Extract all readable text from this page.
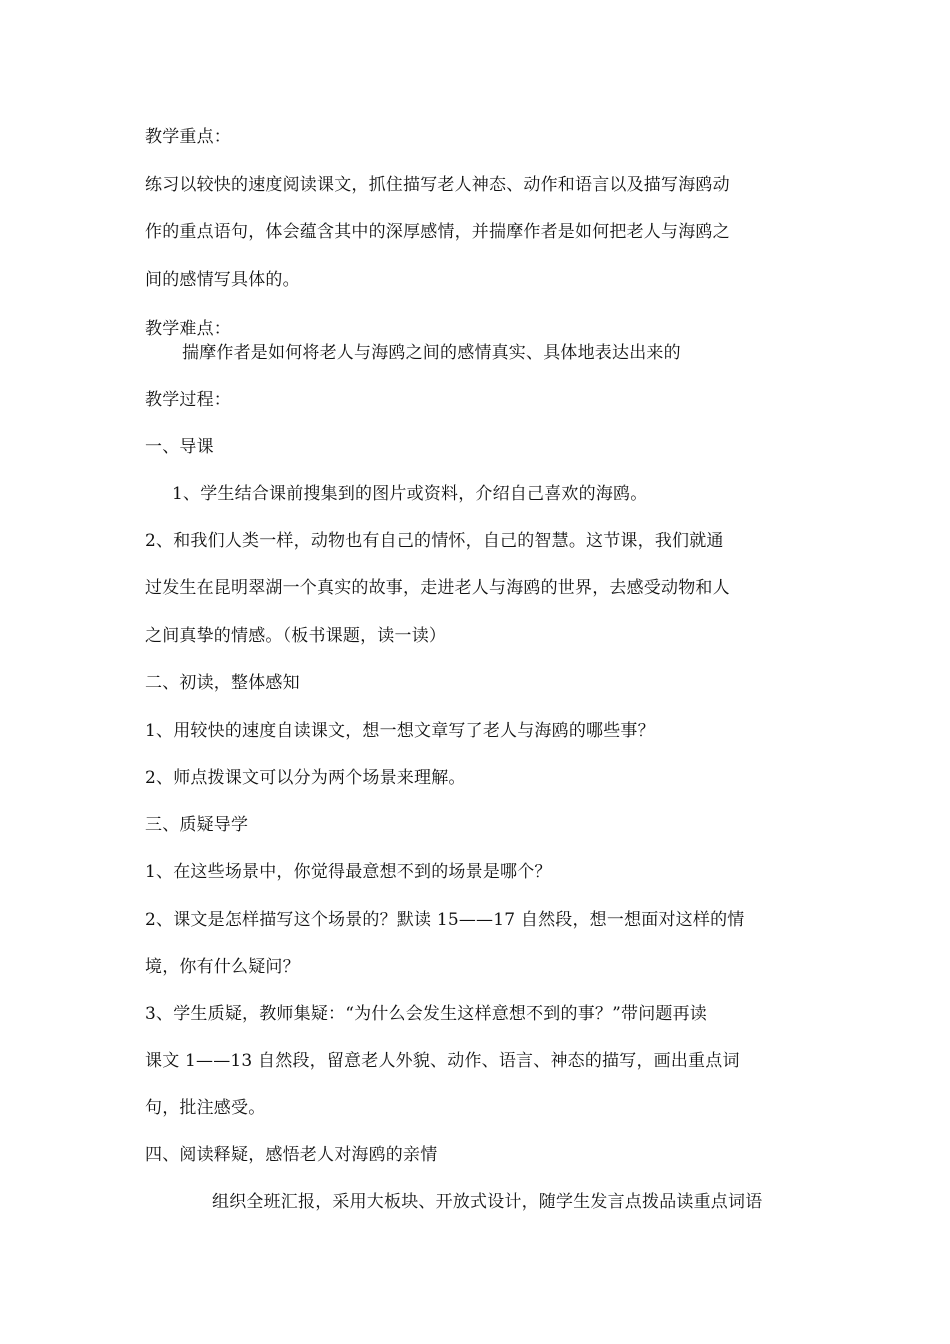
教学重点：
练习以较快的速度阅读课文，抓住描写老人神态、动作和语言以及描写海鸥动
作的重点语句，体会蕴含其中的深厚感情，并揣摩作者是如何把老人与海鸥之
间的感情写具体的。
教学难点：
揣摩作者是如何将老人与海鸥之间的感情真实、具体地表达出来的
教学过程：
一、导课
1、学生结合课前搜集到的图片或资料，介绍自己喜欢的海鸥。
2、和我们人类一样，动物也有自己的情怀，自己的智慧。这节课，我们就通
过发生在昆明翠湖一个真实的故事，走进老人与海鸥的世界，去感受动物和人
之间真挚的情感。（板书课题，读一读）
二、初读，整体感知
1、用较快的速度自读课文，想一想文章写了老人与海鸥的哪些事？
2、师点拨课文可以分为两个场景来理解。
三、质疑导学
1、在这些场景中，你觉得最意想不到的场景是哪个？
2、课文是怎样描写这个场景的？默读 15——17 自然段，想一想面对这样的情
境，你有什么疑问？
3、学生质疑，教师集疑：“为什么会发生这样意想不到的事？”带问题再读
课文 1——13 自然段，留意老人外貌、动作、语言、神态的描写，画出重点词
句，批注感受。
四、阅读释疑，感悟老人对海鸥的亲情
组织全班汇报，采用大板块、开放式设计，随学生发言点拨品读重点词语
